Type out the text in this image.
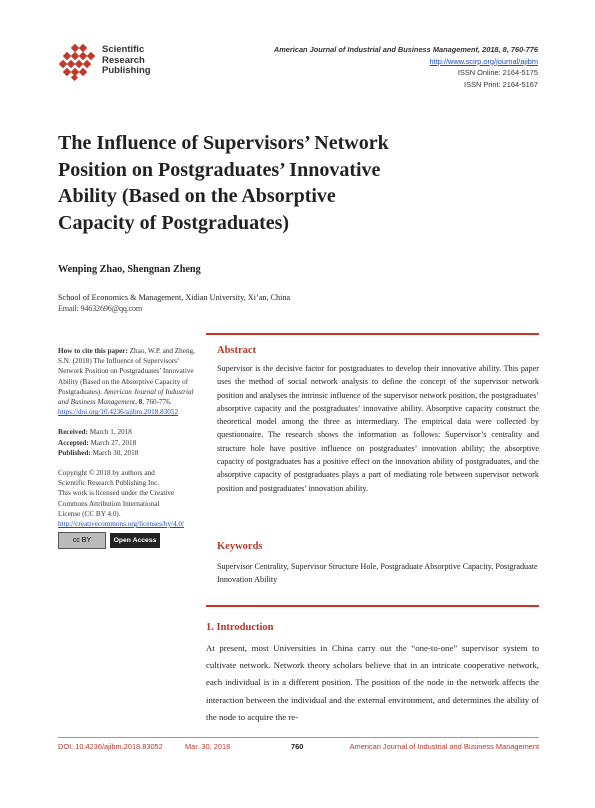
Scientific
Research
Publishing
American Journal of Industrial and Business Management, 2018, 8, 760-776
http://www.scirp.org/journal/ajibm
ISSN Online: 2164-5175
ISSN Print: 2164-5167
The Influence of Supervisors’ Network
Position on Postgraduates’ Innovative
Ability (Based on the Absorptive
Capacity of Postgraduates)
Wenping Zhao, Shengnan Zheng
School of Economics & Management, Xidian University, Xi’an, China
Email: 94632696@qq.com

How to cite this paper: Zhao, W.P. and Zheng, S.N. (2018) The Influence of Supervisors’ Network Position on Postgraduates’ Innovative Ability (Based on the Absorptive Capacity of Postgraduates). American Journal of Industrial and Business Management, 8, 760-776.

https://doi.org/10.4236/ajibm.2018.83052

Received: March 1, 2018

Accepted: March 27, 2018

Published: March 30, 2018

Copyright © 2018 by authors and

Scientific Research Publishing Inc.

This work is licensed under the Creative

Commons Attribution International

License (CC BY 4.0).

http://creativecommons.org/licenses/by/4.0/

cc BY	Open Access
Abstract
Supervisor is the decisive factor for postgraduates to develop their innovative ability. This paper uses the method of social network analysis to define the concept of the supervisor network position and analyses the intrinsic influence of the supervisor network position, the postgraduates’ absorptive capacity and the postgraduates’ innovative ability. Absorptive capacity construct the theoretical model among the three as intermediary. The empirical data were collected by questionnaire. The research shows the information as follows: Supervisor’s centrality and structure hole have positive influence on postgraduates’ innovation ability; the absorptive capacity of postgraduates has a positive effect on the innovation ability of postgraduates, and the absorptive capacity of postgraduates plays a part of mediating role between supervisor network position and postgraduates’ innovation ability.
Keywords
Supervisor Centrality, Supervisor Structure Hole, Postgraduate Absorptive Capacity, Postgraduate Innovation Ability
1. Introduction
At present, most Universities in China carry out the “one-to-one” supervisor system to cultivate network. Network theory scholars believe that in an intricate cooperative network, each individual is in a different position. The position of the node in the network affects the interaction between the individual and the external environment, and determines the ability of the node to acquire the re-
DOI: 10.4236/ajibm.2018.83052	Mar. 30, 2018	760	American Journal of Industrial and Business Management
